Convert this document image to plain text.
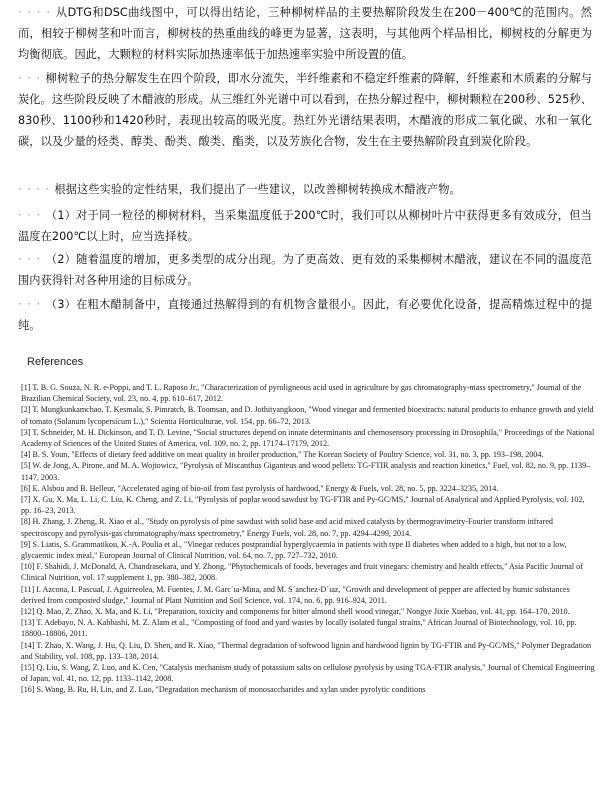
‧ ‧ ‧ ‧ 从DTG和DSC曲线图中，可以得出结论，三种柳树样品的主要热解阶段发生在200－400℃的范围内。然而，相较于柳树茎和叶而言，柳树枝的热重曲线的峰更为显著，这表明，与其他两个样品相比，柳树枝的分解更为均衡彻底。因此，大颗粒的材料实际加热速率低于加热速率实验中所设置的值。
‧ ‧ ‧ 柳树粒子的热分解发生在四个阶段，即水分流失，半纤维素和不稳定纤维素的降解，纤维素和木质素的分解与炭化。这些阶段反映了木醋液的形成。从三维红外光谱中可以看到，在热分解过程中，柳树颗粒在200秒、525秒、830秒、1100秒和1420秒时，表现出较高的吸光度。热红外光谱结果表明，木醋液的形成二氧化碳、水和一氧化碳，以及少量的烃类、醇类、酚类、酸类、酯类，以及芳族化合物，发生在主要热解阶段直到炭化阶段。
‧ ‧ ‧ ‧ 根据这些实验的定性结果，我们提出了一些建议，以改善柳树转换成木醋液产物。
‧ ‧ ‧ （1）对于同一粒径的柳树材料，当采集温度低于200℃时，我们可以从柳树叶片中获得更多有效成分，但当温度在200℃以上时，应当选择枝。
‧ ‧ ‧ （2）随着温度的增加，更多类型的成分出现。为了更高效、更有效的采集柳树木醋液，建议在不同的温度范围内获得针对各种用途的目标成分。
‧ ‧ ‧ （3）在粗木醋制备中，直接通过热解得到的有机物含量很小。因此，有必要优化设备，提高精炼过程中的提纯。
References

[1] T. B. G. Souza, N. R. e-Poppi, and T. L. Raposo Jr., "Characterization of pyroligneous acid used in agriculture by gas chromatography-mass spectrometry," Journal of the Brazilian Chemical Society, vol. 23, no. 4, pp. 610–617, 2012.

[2] T. Mungkunkamchao, T. Kesmala, S. Pimratch, B. Toomsan, and D. Jothityangkoon, "Wood vinegar and fermented bioextracts: natural products to enhance growth and yield of tomato (Solanum lycopersicum L.)," Scientia Horticulturae, vol. 154, pp. 66–72, 2013.

[3] T. Schneider, M. H. Dickinson, and T. D. Levine, "Social structures depend on innate determinants and chemosensory processing in Drosophila," Proceedings of the National Academy of Sciences of the United States of America, vol. 109, no. 2, pp. 17174–17179, 2012.

[4] B. S. Youn, "Effects of dietary feed additive on meat quality in broiler production," The Korean Society of Poultry Science, vol. 31, no. 3, pp. 193–198, 2004.

[5] W. de Jong, A. Pirone, and M. A. Wojtowicz, "Pyrolysis of Miscanthus Giganteus and wood pellets: TG-FTIR analysis and reaction kinetics," Fuel, vol. 82, no. 9, pp. 1139–1147, 2003.

[6] E. Alsbou and B. Helleur, "Accelerated aging of bio-oil from fast pyrolysis of hardwood," Energy & Fuels, vol. 28, no. 5, pp. 3224–3235, 2014.

[7] X. Gu, X. Ma, L. Li, C. Liu, K. Cheng, and Z. Li, "Pyrolysis of poplar wood sawdust by TG-FTIR and Py-GC/MS," Journal of Analytical and Applied Pyrolysis, vol. 102, pp. 16–23, 2013.

[8] H. Zhang, J. Zheng, R. Xiao et al., "Study on pyrolysis of pine sawdust with solid base and acid mixed catalysts by thermogravimetry-Fourier transform infrared spectroscopy and pyrolysis-gas chromatography/mass spectrometry," Energy Fuels, vol. 28, no. 7, pp. 4294–4299, 2014.

[9] S. Liatis, S. Grammatikou, K.-A. Poulia et al., "Vinegar reduces postprandial hyperglycaemia in patients with type II diabetes when added to a high, but not to a low, glycaemic index meal," European Journal of Clinical Nutrition, vol. 64, no. 7, pp. 727–732, 2010.

[10] F. Shahidi, J. McDonald, A. Chandrasekara, and Y. Zhong, "Phytochemicals of foods, beverages and fruit vinegars: chemistry and health effects," Asia Pacific Journal of Clinical Nutrition, vol. 17 supplement 1, pp. 380–382, 2008.

[11] I. Azcona, I. Pascual, J. Aguirreolea, M. Fuentes, J. M. Garc´ıa-Mina, and M. S´anchez-D´ıaz, "Growth and development of pepper are affected by humic substances derived from composted sludge," Journal of Plant Nutrition and Soil Science, vol. 174, no. 6, pp. 916–924, 2011.

[12] Q. Mao, Z. Zhao, X. Ma, and K. Li, "Preparation, toxicity and components for bitter almond shell wood vinegar," Nongye Jixie Xuebao, vol. 41, pp. 164–170, 2010.

[13] T. Adebayo, N. A. Kabbashi, M. Z. Alam et al., "Composting of food and yard wastes by locally isolated fungal strains," African Journal of Biotechnology, vol. 10, pp. 18800–18806, 2011.

[14] T. Zhao, X. Wang, J. Hu, Q. Liu, D. Shen, and R. Xiao, "Thermal degradation of softwood lignin and hardwood lignin by TG-FTIR and Py-GC/MS," Polymer Degradation and Stability, vol. 108, pp. 133–138, 2014.

[15] Q. Liu, S. Wang, Z. Luo, and K. Cen, "Catalysis mechanism study of potassium salts on cellulose pyrolysis by using TGA-FTIR analysis," Journal of Chemical Engineering of Japan, vol. 41, no. 12, pp. 1133–1142, 2008.

[16] S. Wang, B. Ru, H. Lin, and Z. Luo, "Degradation mechanism of monosaccharides and xylan under pyrolytic conditions
